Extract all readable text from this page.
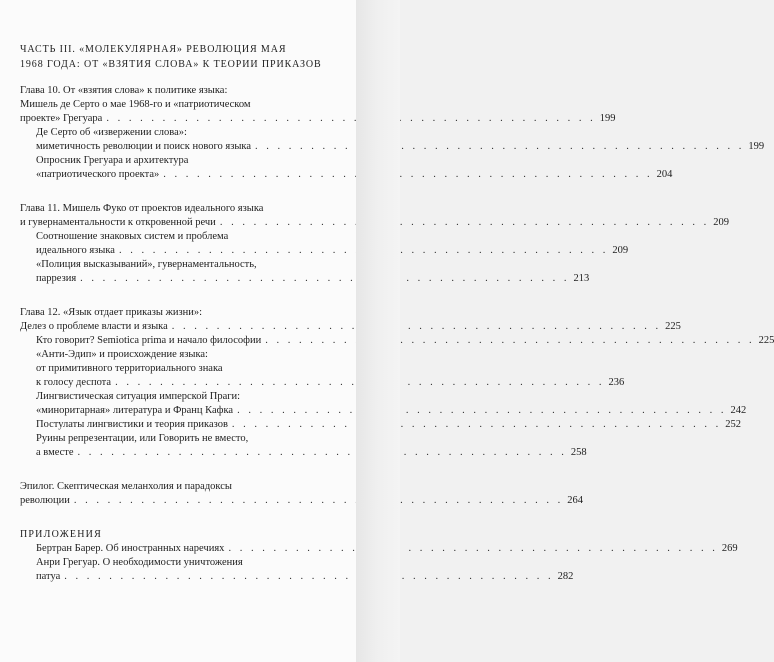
ЧАСТЬ III. «МОЛЕКУЛЯРНАЯ» РЕВОЛЮЦИЯ МАЯ
1968 ГОДА: ОТ «ВЗЯТИЯ СЛОВА» К ТЕОРИИ ПРИКАЗОВ
Глава 10. От «взятия слова» к политике языка:
Мишель де Серто о мае 1968-го и «патриотическом
проекте» Грегуара . . .	199
Де Серто об «извержении слова»:
миметичность революции и поиск нового языка . . .	199
Опросник Грегуара и архитектура
«патриотического проекта» . . .	204
Глава 11. Мишель Фуко от проектов идеального языка
и гувернаментальности к откровенной речи . . .	209
Соотношение знаковых систем и проблема
идеального языка . . .	209
«Полиция высказываний», гувернаментальность,
паррезия . . .	213
Глава 12. «Язык отдает приказы жизни»:
Делез о проблеме власти и языка . . .	225
Кто говорит? Semiotica prima и начало философии . . .	225
«Анти-Эдип» и происхождение языка:
от примитивного территориального знака
к голосу деспота . . .	236
Лингвистическая ситуация имперской Праги:
«миноритарная» литература и Франц Кафка . . .	242
Постулаты лингвистики и теория приказов . . .	252
Руины репрезентации, или Говорить не вместо,
а вместе . . .	258
Эпилог. Скептическая меланхолия и парадоксы
революции . . .	264
ПРИЛОЖЕНИЯ
Бертран Барер. Об иностранных наречиях . . .	269
Анри Грегуар. О необходимости уничтожения
патуа . . .	282
